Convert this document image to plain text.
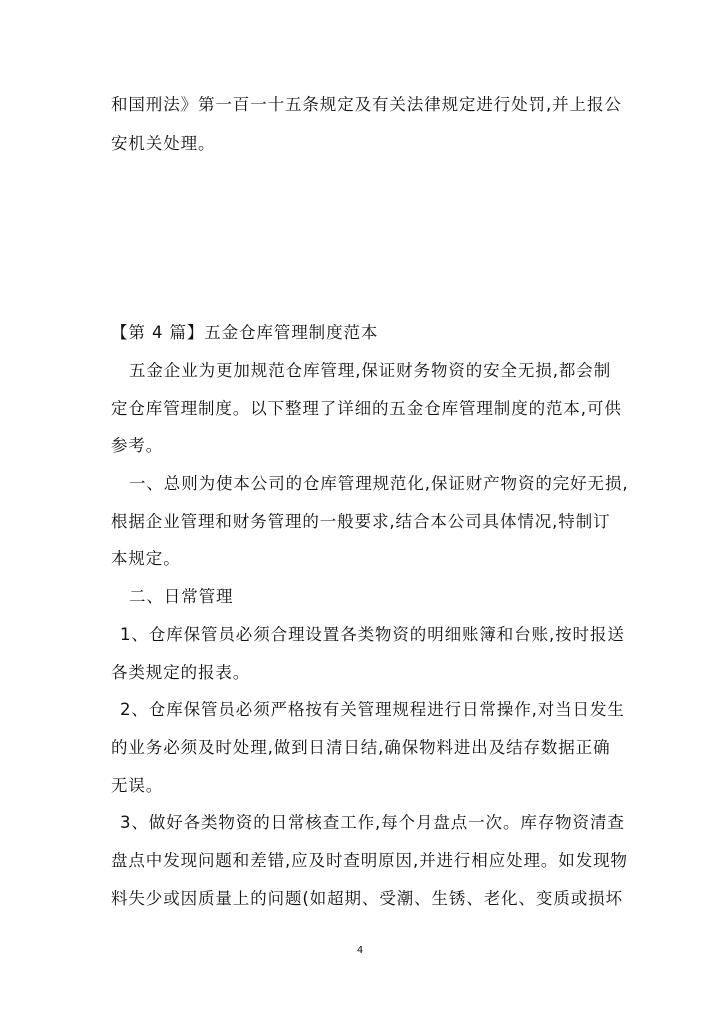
和国刑法》第一百一十五条规定及有关法律规定进行处罚,并上报公
安机关处理。
【第 4 篇】五金仓库管理制度范本
五金企业为更加规范仓库管理,保证财务物资的安全无损,都会制
定仓库管理制度。以下整理了详细的五金仓库管理制度的范本,可供
参考。
一、总则为使本公司的仓库管理规范化,保证财产物资的完好无损,
根据企业管理和财务管理的一般要求,结合本公司具体情况,特制订
本规定。
二、日常管理
1、仓库保管员必须合理设置各类物资的明细账簿和台账,按时报送
各类规定的报表。
2、仓库保管员必须严格按有关管理规程进行日常操作,对当日发生
的业务必须及时处理,做到日清日结,确保物料进出及结存数据正确
无误。
3、做好各类物资的日常核查工作,每个月盘点一次。库存物资清查
盘点中发现问题和差错,应及时查明原因,并进行相应处理。如发现物
料失少或因质量上的问题(如超期、受潮、生锈、老化、变质或损坏
4
